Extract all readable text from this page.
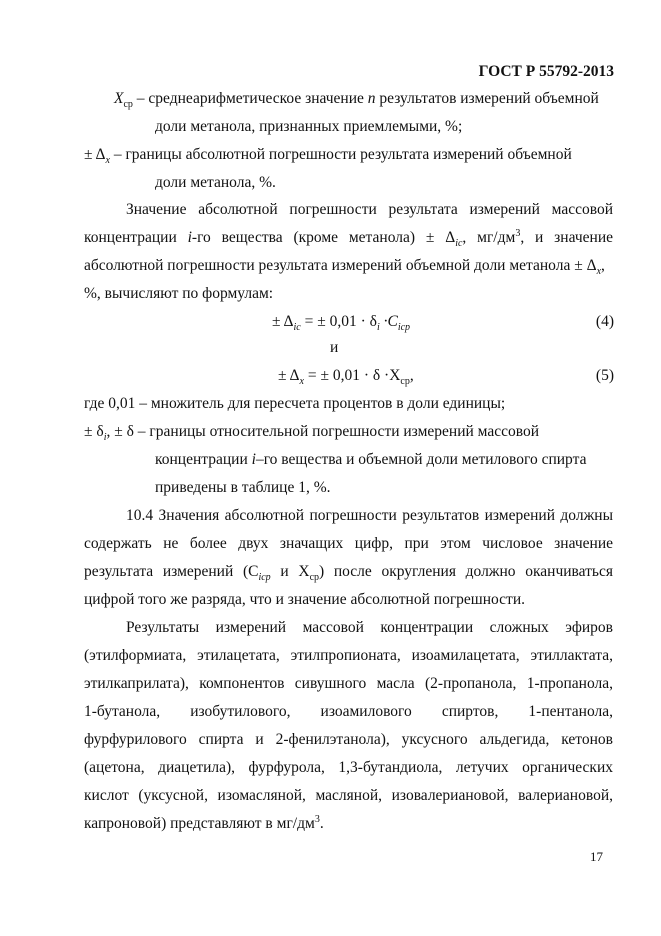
ГОСТ Р 55792-2013
$X_{ср}$ – среднеарифметическое значение n результатов измерений объемной
доли метанола, признанных приемлемыми, %;
± $\Delta_x$ – границы абсолютной погрешности результата измерений объемной
доли метанола, %.
Значение абсолютной погрешности результата измерений массовой
концентрации i-го вещества (кроме метанола) ± $\Delta_{ic}$, $мг/дм^3$, и значение
абсолютной погрешности результата измерений объемной доли метанола ± $\Delta_x$,
%, вычисляют по формулам:
± $\Delta_{ic}$ = ± $0,01 \cdot \delta_i \cdot C_{iср}$	(4)
и
± $\Delta_x$ = ± $0,01 \cdot \delta \cdot X_{ср}$,	(5)
где 0,01 – множитель для пересчета процентов в доли единицы;
± $\delta_i$, ± δ – границы относительной погрешности измерений массовой
концентрации i–го вещества и объемной доли метилового спирта
приведены в таблице 1, %.
10.4 Значения абсолютной погрешности результатов измерений должны
содержать не более двух значащих цифр, при этом числовое значение
результата измерений ($C_{iср}$ и $X_{ср}$) после округления должно оканчиваться
цифрой того же разряда, что и значение абсолютной погрешности.
Результаты измерений массовой концентрации сложных эфиров
(этилформиата, этилацетата, этилпропионата, изоамилацетата, этиллактата,
этилкаприлата), компонентов сивушного масла (2-пропанола, 1-пропанола,
1-бутанола, изобутилового, изоамилового спиртов, 1-пентанола,
фурфурилового спирта и 2-фенилэтанола), уксусного альдегида, кетонов
(ацетона, диацетила), фурфурола, 1,3-бутандиола, летучих органических
кислот (уксусной, изомасляной, масляной, изовалериановой, валериановой,
капроновой) представляют в $мг/дм^3$.
17
